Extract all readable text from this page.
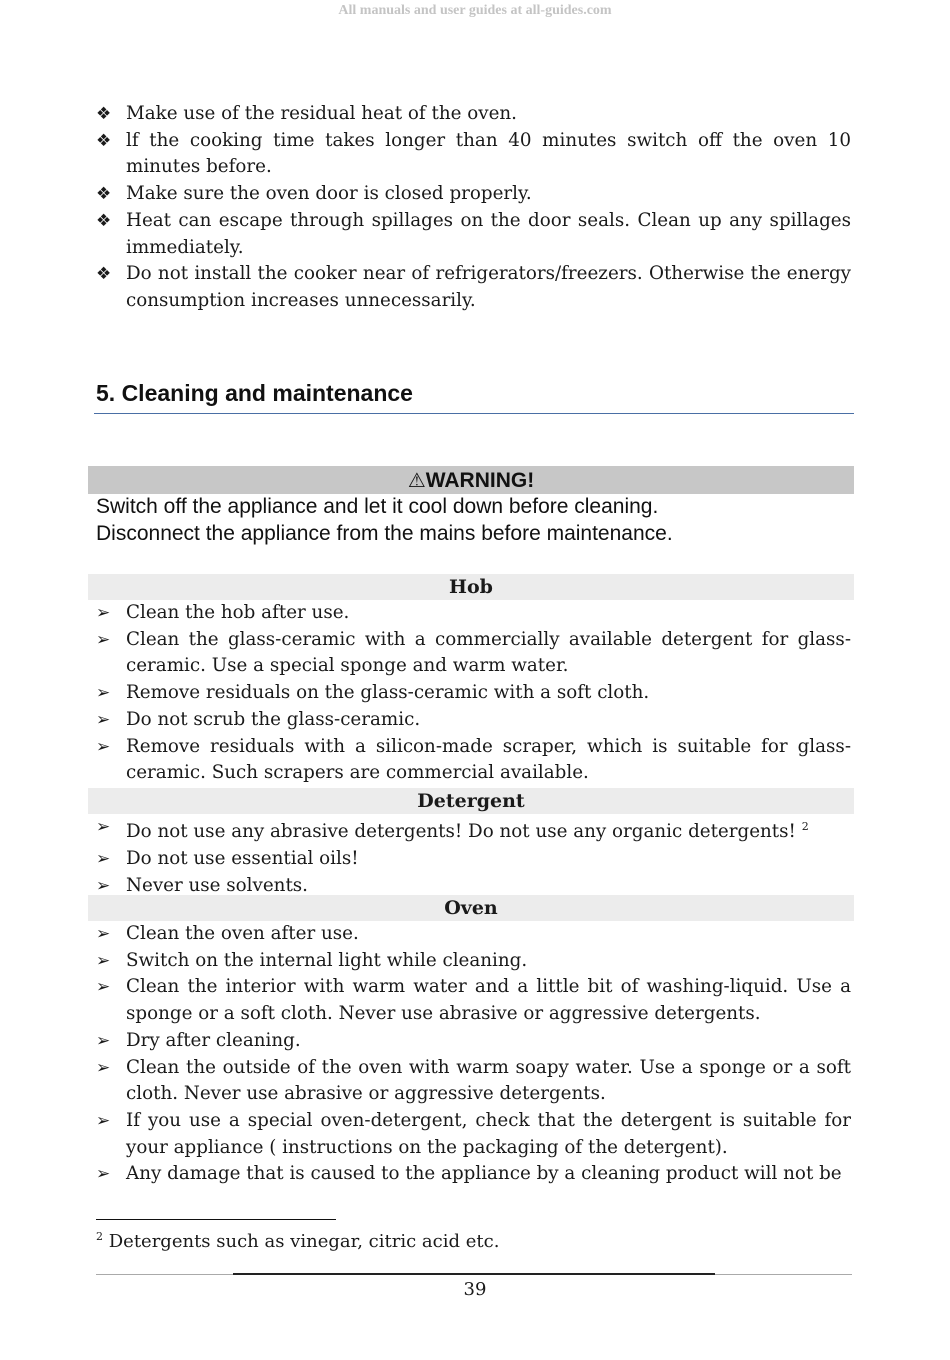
All manuals and user guides at all-guides.com
❖ Make use of the residual heat of the oven.
❖ lf the cooking time takes longer than 40 minutes switch off the oven 10 minutes before.
❖ Make sure the oven door is closed properly.
❖ Heat can escape through spillages on the door seals. Clean up any spillages immediately.
❖ Do not install the cooker near of refrigerators/freezers. Otherwise the energy consumption increases unnecessarily.
5. Cleaning and maintenance
⚠WARNING!
Switch off the appliance and let it cool down before cleaning.
Disconnect the appliance from the mains before maintenance.
Hob
➢ Clean the hob after use.
➢ Clean the glass-ceramic with a commercially available detergent for glass-ceramic. Use a special sponge and warm water.
➢ Remove residuals on the glass-ceramic with a soft cloth.
➢ Do not scrub the glass-ceramic.
➢ Remove residuals with a silicon-made scraper, which is suitable for glass-ceramic. Such scrapers are commercial available.
Detergent
➢ Do not use any abrasive detergents! Do not use any organic detergents! $^2$
➢ Do not use essential oils!
➢ Never use solvents.
Oven
➢ Clean the oven after use.
➢ Switch on the internal light while cleaning.
➢ Clean the interior with warm water and a little bit of washing-liquid. Use a sponge or a soft cloth. Never use abrasive or aggressive detergents.
➢ Dry after cleaning.
➢ Clean the outside of the oven with warm soapy water. Use a sponge or a soft cloth. Never use abrasive or aggressive detergents.
➢ If you use a special oven-detergent, check that the detergent is suitable for your appliance ( instructions on the packaging of the detergent).
➢ Any damage that is caused to the appliance by a cleaning product will not be
$^2$ Detergents such as vinegar, citric acid etc.
39
